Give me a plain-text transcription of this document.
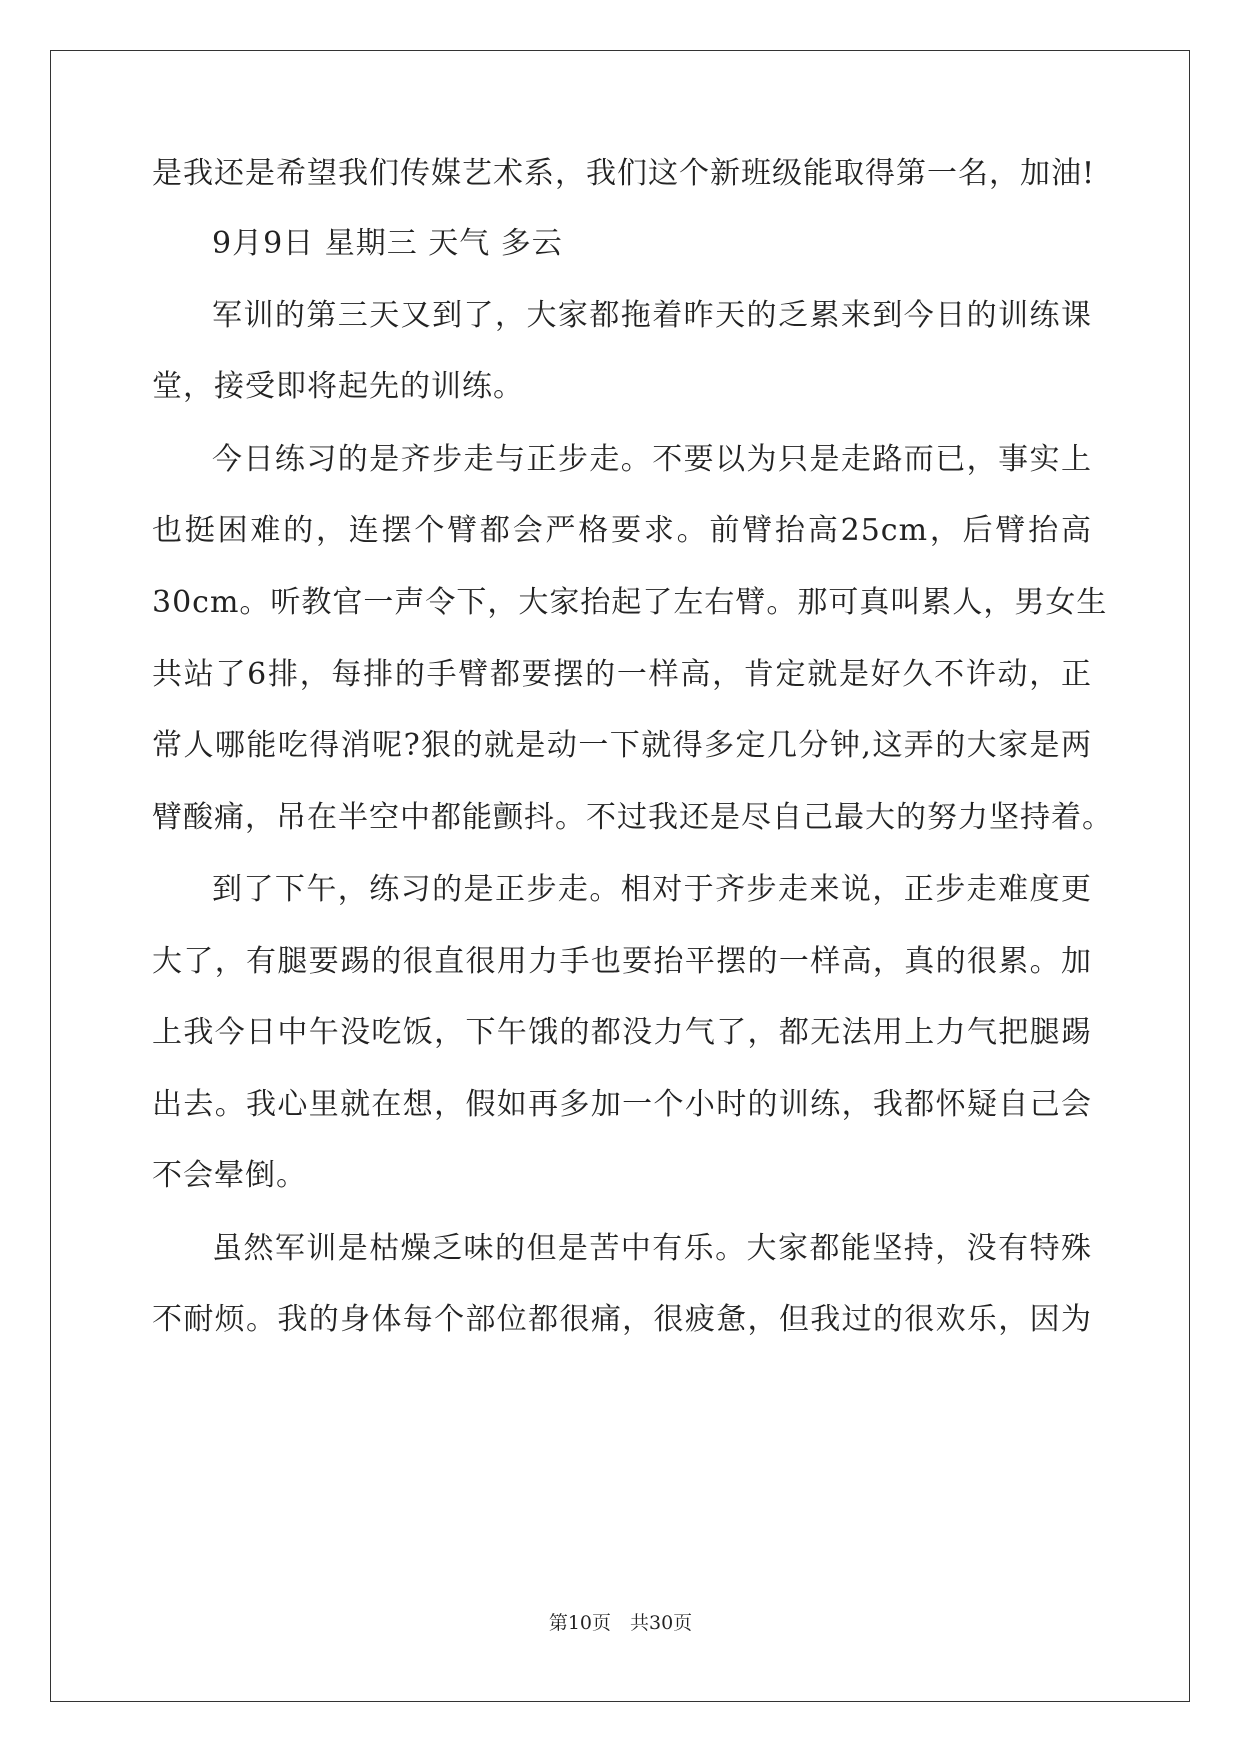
是我还是希望我们传媒艺术系，我们这个新班级能取得第一名，加油!
9月9日 星期三 天气 多云
军训的第三天又到了，大家都拖着昨天的乏累来到今日的训练课
堂，接受即将起先的训练。
今日练习的是齐步走与正步走。不要以为只是走路而已，事实上
也挺困难的，连摆个臂都会严格要求。前臂抬高25cm，后臂抬高
30cm。听教官一声令下，大家抬起了左右臂。那可真叫累人，男女生
共站了6排，每排的手臂都要摆的一样高，肯定就是好久不许动，正
常人哪能吃得消呢?狠的就是动一下就得多定几分钟,这弄的大家是两
臂酸痛，吊在半空中都能颤抖。不过我还是尽自己最大的努力坚持着。
到了下午，练习的是正步走。相对于齐步走来说，正步走难度更
大了，有腿要踢的很直很用力手也要抬平摆的一样高，真的很累。加
上我今日中午没吃饭，下午饿的都没力气了，都无法用上力气把腿踢
出去。我心里就在想，假如再多加一个小时的训练，我都怀疑自己会
不会晕倒。
虽然军训是枯燥乏味的但是苦中有乐。大家都能坚持，没有特殊
不耐烦。我的身体每个部位都很痛，很疲惫，但我过的很欢乐，因为
第10页　共30页
